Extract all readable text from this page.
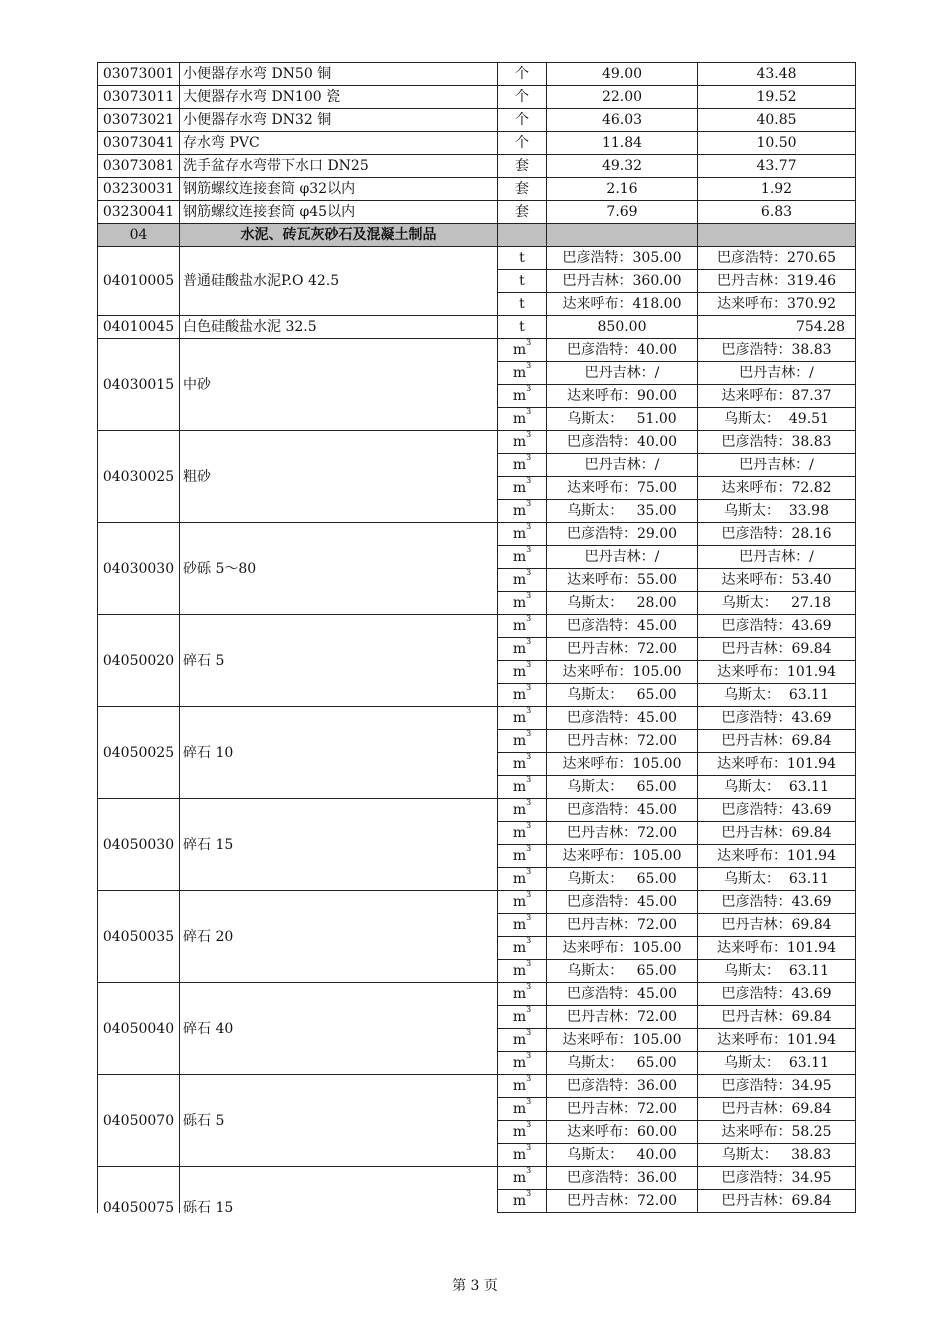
03073001	小便器存水弯 DN50 铜	个	49.00	43.48
03073011	大便器存水弯 DN100 瓷	个	22.00	19.52
03073021	小便器存水弯 DN32 铜	个	46.03	40.85
03073041	存水弯 PVC	个	11.84	10.50
03073081	洗手盆存水弯带下水口 DN25	套	49.32	43.77
03230031	钢筋螺纹连接套筒 φ32以内	套	2.16	1.92
03230041	钢筋螺纹连接套筒 φ45以内	套	7.69	6.83
04	水泥、砖瓦灰砂石及混凝土制品			
04010005	普通硅酸盐水泥P.O 42.5	t	巴彦浩特：305.00	巴彦浩特：270.65
		t	巴丹吉林：360.00	巴丹吉林：319.46
		t	达来呼布：418.00	达来呼布：370.92
04010045	白色硅酸盐水泥 32.5	t	850.00	754.28
04030015	中砂	$m^3$	巴彦浩特：40.00	巴彦浩特：38.83
		$m^3$	巴丹吉林：/	巴丹吉林：/
		$m^3$	达来呼布：90.00	达来呼布：87.37
		$m^3$	乌斯太：   51.00	乌斯太：  49.51
04030025	粗砂	$m^3$	巴彦浩特：40.00	巴彦浩特：38.83
		$m^3$	巴丹吉林：/	巴丹吉林：/
		$m^3$	达来呼布：75.00	达来呼布：72.82
		$m^3$	乌斯太：   35.00	乌斯太：  33.98
04030030	砂砾 5～80	$m^3$	巴彦浩特：29.00	巴彦浩特：28.16
		$m^3$	巴丹吉林：/	巴丹吉林：/
		$m^3$	达来呼布：55.00	达来呼布：53.40
		$m^3$	乌斯太：   28.00	乌斯太：   27.18
04050020	碎石 5	$m^3$	巴彦浩特：45.00	巴彦浩特：43.69
		$m^3$	巴丹吉林：72.00	巴丹吉林：69.84
		$m^3$	达来呼布：105.00	达来呼布：101.94
		$m^3$	乌斯太：   65.00	乌斯太：  63.11
04050025	碎石 10	$m^3$	巴彦浩特：45.00	巴彦浩特：43.69
		$m^3$	巴丹吉林：72.00	巴丹吉林：69.84
		$m^3$	达来呼布：105.00	达来呼布：101.94
		$m^3$	乌斯太：   65.00	乌斯太：  63.11
04050030	碎石 15	$m^3$	巴彦浩特：45.00	巴彦浩特：43.69
		$m^3$	巴丹吉林：72.00	巴丹吉林：69.84
		$m^3$	达来呼布：105.00	达来呼布：101.94
		$m^3$	乌斯太：   65.00	乌斯太：  63.11
04050035	碎石 20	$m^3$	巴彦浩特：45.00	巴彦浩特：43.69
		$m^3$	巴丹吉林：72.00	巴丹吉林：69.84
		$m^3$	达来呼布：105.00	达来呼布：101.94
		$m^3$	乌斯太：   65.00	乌斯太：  63.11
04050040	碎石 40	$m^3$	巴彦浩特：45.00	巴彦浩特：43.69
		$m^3$	巴丹吉林：72.00	巴丹吉林：69.84
		$m^3$	达来呼布：105.00	达来呼布：101.94
		$m^3$	乌斯太：   65.00	乌斯太：  63.11
04050070	砾石 5	$m^3$	巴彦浩特：36.00	巴彦浩特：34.95
		$m^3$	巴丹吉林：72.00	巴丹吉林：69.84
		$m^3$	达来呼布：60.00	达来呼布：58.25
		$m^3$	乌斯太：   40.00	乌斯太：   38.83
04050075	砾石 15	$m^3$	巴彦浩特：36.00	巴彦浩特：34.95
		$m^3$	巴丹吉林：72.00	巴丹吉林：69.84
第 3 页
